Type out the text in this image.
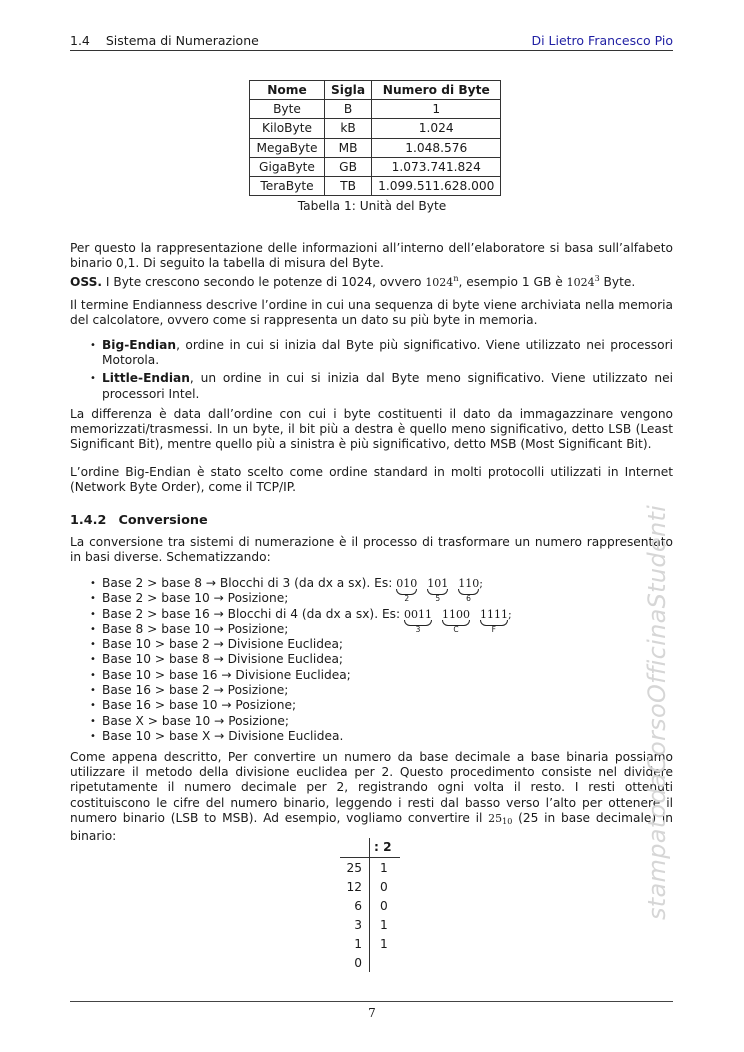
1.4 Sistema di Numerazione	Di Lietro Francesco Pio
Nome	Sigla	Numero di Byte
Byte	B	1
KiloByte	kB	1.024
MegaByte	MB	1.048.576
GigaByte	GB	1.073.741.824
TeraByte	TB	1.099.511.628.000
Tabella 1: Unità del Byte
Per questo la rappresentazione delle informazioni all’interno dell’elaboratore si basa sull’alfabeto binario 0,1. Di seguito la tabella di misura del Byte.
OSS. I Byte crescono secondo le potenze di 1024, ovvero 1024$^n$, esempio 1 GB è 1024$^3$ Byte.
Il termine Endianness descrive l’ordine in cui una sequenza di byte viene archiviata nella memoria del calcolatore, ovvero come si rappresenta un dato su più byte in memoria.
• Big-Endian, ordine in cui si inizia dal Byte più significativo. Viene utilizzato nei processori Motorola.
• Little-Endian, un ordine in cui si inizia dal Byte meno significativo. Viene utilizzato nei processori Intel.
La differenza è data dall’ordine con cui i byte costituenti il dato da immagazzinare vengono memorizzati/trasmessi. In un byte, il bit più a destra è quello meno significativo, detto LSB (Least Significant Bit), mentre quello più a sinistra è più significativo, detto MSB (Most Significant Bit).
L’ordine Big-Endian è stato scelto come ordine standard in molti protocolli utilizzati in Internet (Network Byte Order), come il TCP/IP.
1.4.2 Conversione
La conversione tra sistemi di numerazione è il processo di trasformare un numero rappresentato in basi diverse. Schematizzando:
• Base 2 > base 8 → Blocchi di 3 (da dx a sx). Es: 010
2
101
5
110;
6
• Base 2 > base 10 → Posizione;
• Base 2 > base 16 → Blocchi di 4 (da dx a sx). Es: 0011
3
1100
C
1111;
F
• Base 8 > base 10 → Posizione;
• Base 10 > base 2 → Divisione Euclidea;
• Base 10 > base 8 → Divisione Euclidea;
• Base 10 > base 16 → Divisione Euclidea;
• Base 16 > base 2 → Posizione;
• Base 16 > base 10 → Posizione;
• Base X > base 10 → Posizione;
• Base 10 > base X → Divisione Euclidea.
Come appena descritto, Per convertire un numero da base decimale a base binaria possiamo utilizzare il metodo della divisione euclidea per 2. Questo procedimento consiste nel dividere ripetutamente il numero decimale per 2, registrando ogni volta il resto. I resti ottenuti costituiscono le cifre del numero binario, leggendo i resti dal basso verso l’alto per ottenere il numero binario (LSB to MSB). Ad esempio, vogliamo convertire il $25_{10}$ (25 in base decimale) in binario:
: 2
25 1
12 0
6 0
3 1
1 1
0
stampatodaCorsoOfficinaStudenti
7
